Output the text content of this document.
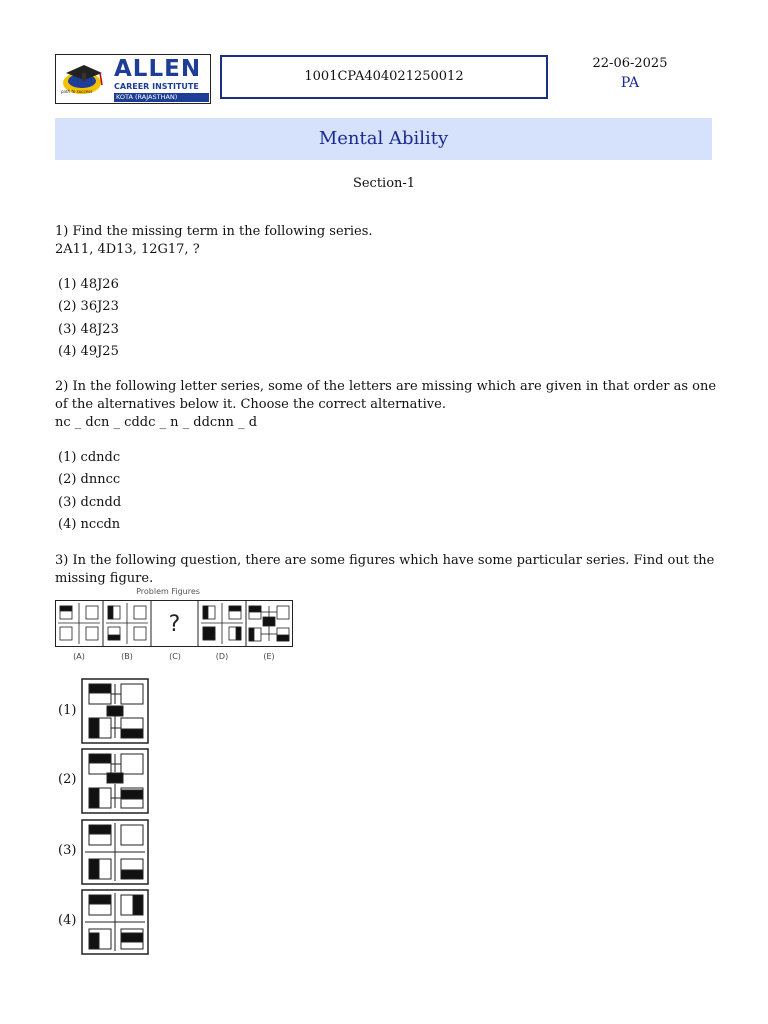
path to success
ALLEN
CAREER INSTITUTE
KOTA (RAJASTHAN)
1001CPA404021250012
22-06-2025
PA
Mental Ability
Section-1
1) Find the missing term in the following series.
2A11, 4D13, 12G17, ?
(1) 48J26
(2) 36J23
(3) 48J23
(4) 49J25
2) In the following letter series, some of the letters are missing which are given in that order as one of the alternatives below it. Choose the correct alternative.
nc _ dcn _ cddc _ n _ ddcnn _ d
(1) cdndc
(2) dnncc
(3) dcndd
(4) nccdn
3) In the following question, there are some figures which have some particular series. Find out the missing figure.
Problem Figures
?
(A)	(B)	(C)	(D)	(E)
(1)
(2)
(3)
(4)
